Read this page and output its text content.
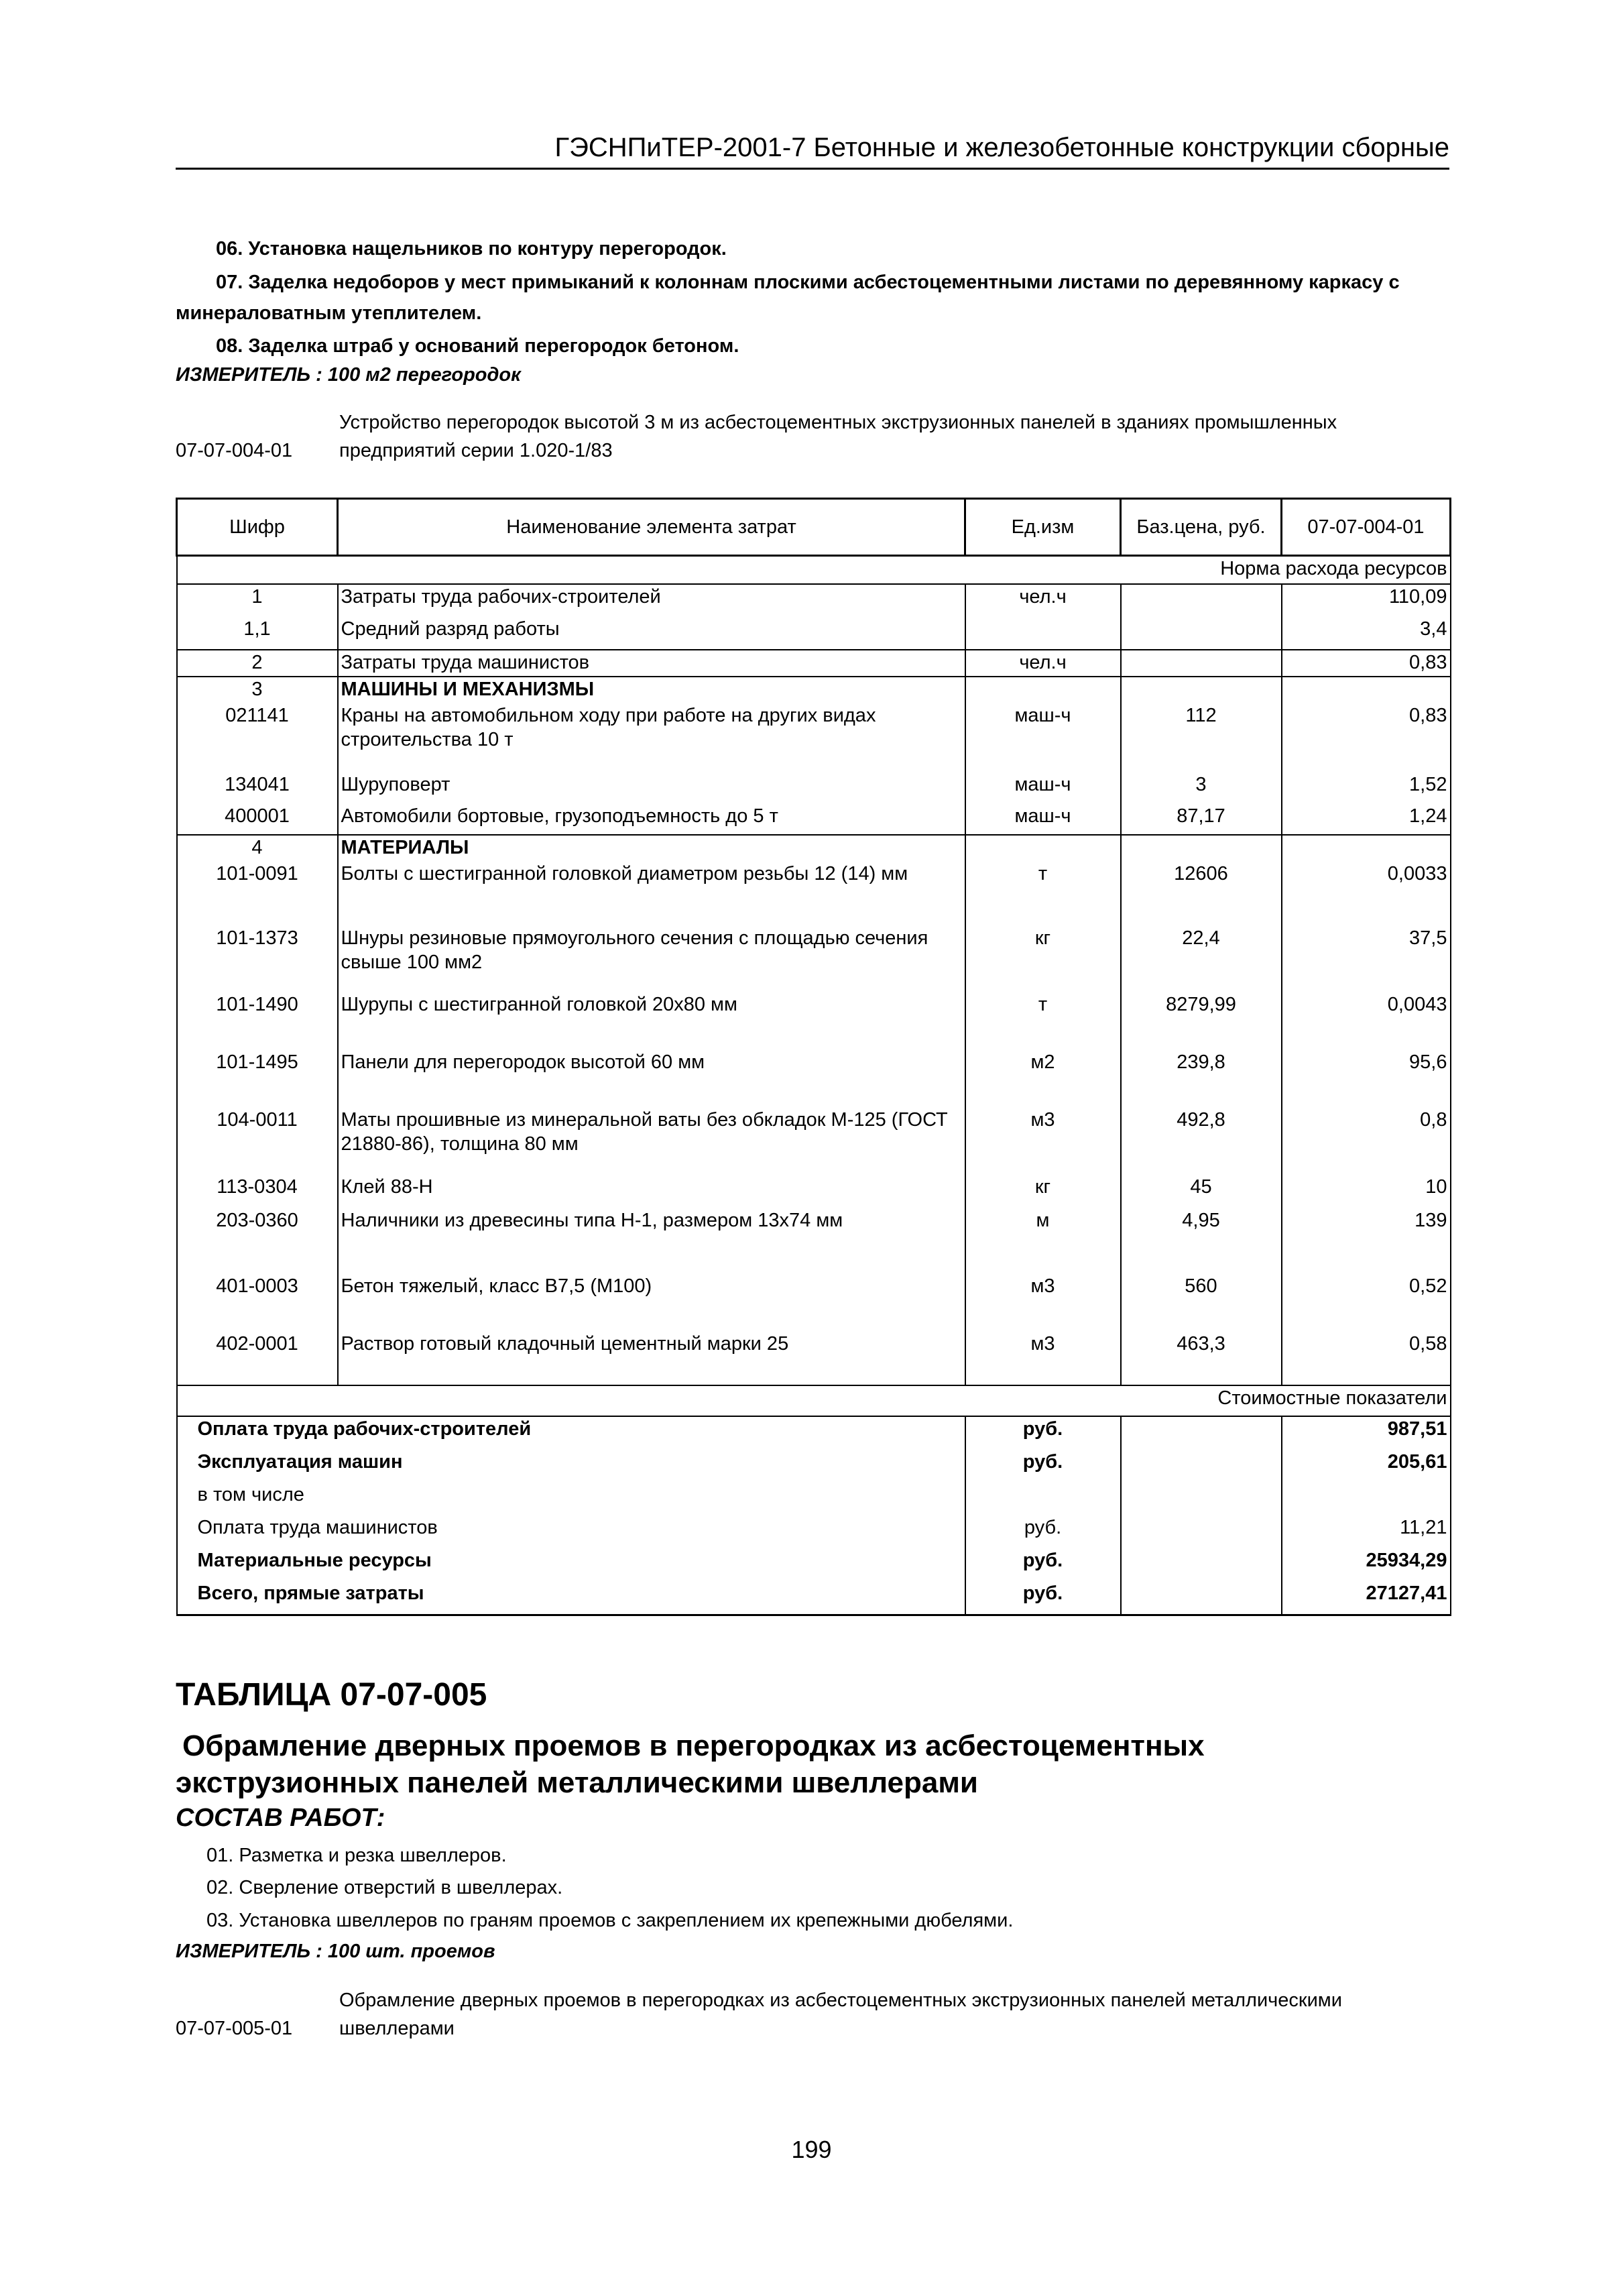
ГЭСНПиТЕР-2001-7 Бетонные и железобетонные конструкции сборные
06. Установка нащельников по контуру перегородок.
07. Заделка недоборов у мест примыканий к колоннам плоскими асбестоцементными листами по деревянному каркасу с
минераловатным утеплителем.
08. Заделка штраб у оснований перегородок бетоном.
ИЗМЕРИТЕЛЬ : 100 м2 перегородок
Устройство перегородок высотой 3 м из асбестоцементных экструзионных панелей в зданиях промышленных
07-07-004-01 предприятий серии 1.020-1/83
Шифр	Наименование элемента затрат	Ед.изм	Баз.цена, руб.	07-07-004-01
Норма расхода ресурсов				
1	Затраты труда рабочих-строителей	чел.ч		110,09
1,1	Средний разряд работы			3,4
2	Затраты труда машинистов	чел.ч		0,83
3	МАШИНЫ И МЕХАНИЗМЫ			
021141	Краны на автомобильном ходу при работе на других видах строительства 10 т	маш-ч	112	0,83
134041	Шуруповерт	маш-ч	3	1,52
400001	Автомобили бортовые, грузоподъемность до 5 т	маш-ч	87,17	1,24
4	МАТЕРИАЛЫ			
101-0091	Болты с шестигранной головкой диаметром резьбы 12 (14) мм	т	12606	0,0033
101-1373	Шнуры резиновые прямоугольного сечения с площадью сечения свыше 100 мм2	кг	22,4	37,5
101-1490	Шурупы с шестигранной головкой 20х80 мм	т	8279,99	0,0043
101-1495	Панели для перегородок высотой 60 мм	м2	239,8	95,6
104-0011	Маты прошивные из минеральной ваты без обкладок М-125 (ГОСТ 21880-86), толщина 80 мм	м3	492,8	0,8
113-0304	Клей 88-Н	кг	45	10
203-0360	Наличники из древесины типа Н-1, размером 13х74 мм	м	4,95	139
401-0003	Бетон тяжелый, класс В7,5 (М100)	м3	560	0,52
402-0001	Раствор готовый кладочный цементный марки 25	м3	463,3	0,58
Стоимостные показатели				
Оплата труда рабочих-строителей		руб.		987,51
Эксплуатация машин		руб.		205,61
в том числе				
Оплата труда машинистов		руб.		11,21
Материальные ресурсы		руб.		25934,29
Всего, прямые затраты		руб.		27127,41
ТАБЛИЦА 07-07-005
Обрамление дверных проемов в перегородках из асбестоцементных
экструзионных панелей металлическими швеллерами
СОСТАВ РАБОТ:
01. Разметка и резка швеллеров.
02. Сверление отверстий в швеллерах.
03. Установка швеллеров по граням проемов с закреплением их крепежными дюбелями.
ИЗМЕРИТЕЛЬ : 100 шт. проемов
Обрамление дверных проемов в перегородках из асбестоцементных экструзионных панелей металлическими
07-07-005-01 швеллерами
199
